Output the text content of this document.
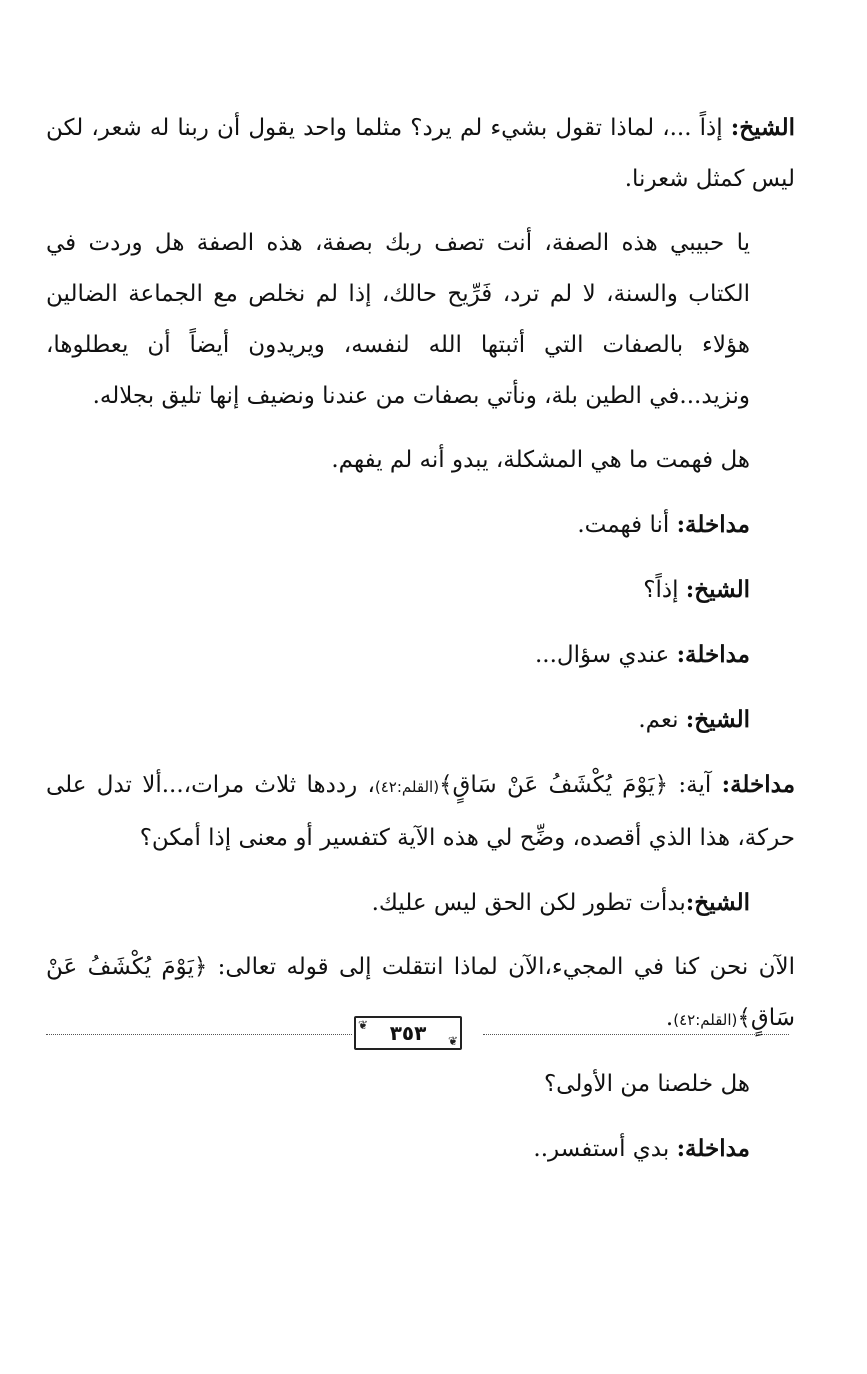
الشيخ: إذاً ...، لماذا تقول بشيء لم يرد؟ مثلما واحد يقول أن ربنا له شعر، لكن ليس كمثل شعرنا.

يا حبيبي هذه الصفة، أنت تصف ربك بصفة، هذه الصفة هل وردت في الكتاب والسنة، لا لم ترد، فَرِّيح حالك، إذا لم نخلص مع الجماعة الضالين هؤلاء بالصفات التي أثبتها الله لنفسه، ويريدون أيضاً أن يعطلوها، ونزيد...في الطين بلة، ونأتي بصفات من عندنا ونضيف إنها تليق بجلاله.

هل فهمت ما هي المشكلة، يبدو أنه لم يفهم.

مداخلة: أنا فهمت.

الشيخ: إذاً؟

مداخلة: عندي سؤال...

الشيخ: نعم.

مداخلة: آية: ﴿يَوْمَ يُكْشَفُ عَنْ سَاقٍ﴾(القلم:٤٢)، رددها ثلاث مرات،...ألا تدل على حركة، هذا الذي أقصده، وضِّح لي هذه الآية كتفسير أو معنى إذا أمكن؟

الشيخ:بدأت تطور لكن الحق ليس عليك.

الآن نحن كنا في المجيء،الآن لماذا انتقلت إلى قوله تعالى: ﴿يَوْمَ يُكْشَفُ عَنْ سَاقٍ﴾(القلم:٤٢).

هل خلصنا من الأولى؟

مداخلة: بدي أستفسر..

❦ ٣٥٣ ❦
